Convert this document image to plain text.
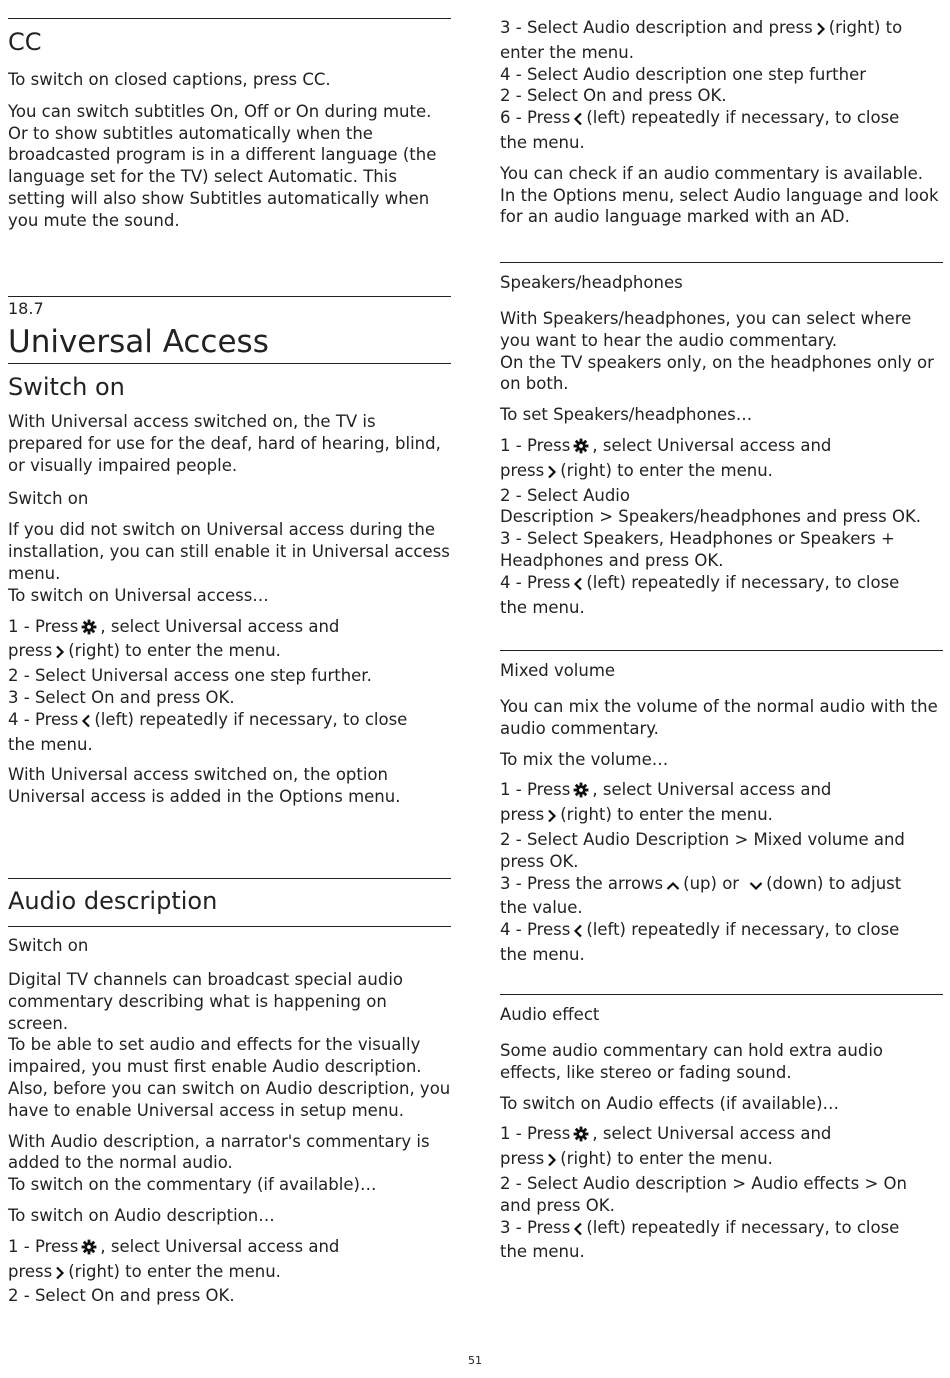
CC

To switch on closed captions, press CC.

You can switch subtitles On, Off or On during mute.

Or to show subtitles automatically when the broadcasted program is in a different language (the language set for the TV) select Automatic. This setting will also show Subtitles automatically when you mute the sound.

18.7
Universal Access
Switch on

With Universal access switched on, the TV is prepared for use for the deaf, hard of hearing, blind, or visually impaired people.

Switch on

If you did not switch on Universal access during the installation, you can still enable it in Universal access menu.

To switch on Universal access…

1 - Press , select Universal access and

press (right) to enter the menu.

2 - Select Universal access one step further.

3 - Select On and press OK.

4 - Press (left) repeatedly if necessary, to close

the menu.

With Universal access switched on, the option Universal access is added in the Options menu.

Audio description
Switch on

Digital TV channels can broadcast special audio commentary describing what is happening on screen.

To be able to set audio and effects for the visually impaired, you must first enable Audio description. Also, before you can switch on Audio description, you have to enable Universal access in setup menu.

With Audio description, a narrator's commentary is added to the normal audio.

To switch on the commentary (if available)…

To switch on Audio description…

1 - Press , select Universal access and

press (right) to enter the menu.

2 - Select On and press OK.

3 - Select Audio description and press (right) to

enter the menu.

4 - Select Audio description one step further

2 - Select On and press OK.

6 - Press (left) repeatedly if necessary, to close

the menu.

You can check if an audio commentary is available.

In the Options menu, select Audio language and look for an audio language marked with an AD.

Speakers/headphones

With Speakers/headphones, you can select where you want to hear the audio commentary.

On the TV speakers only, on the headphones only or on both.

To set Speakers/headphones…

1 - Press , select Universal access and

press (right) to enter the menu.

2 - Select Audio

Description > Speakers/headphones and press OK.

3 - Select Speakers, Headphones or Speakers + Headphones and press OK.

4 - Press (left) repeatedly if necessary, to close

the menu.

Mixed volume

You can mix the volume of the normal audio with the audio commentary.

To mix the volume…

1 - Press , select Universal access and

press (right) to enter the menu.

2 - Select Audio Description > Mixed volume and press OK.

3 - Press the arrows (up) or (down) to adjust

the value.

4 - Press (left) repeatedly if necessary, to close

the menu.

Audio effect

Some audio commentary can hold extra audio effects, like stereo or fading sound.

To switch on Audio effects (if available)…

1 - Press , select Universal access and

press (right) to enter the menu.

2 - Select Audio description > Audio effects > On and press OK.

3 - Press (left) repeatedly if necessary, to close

the menu.

51
